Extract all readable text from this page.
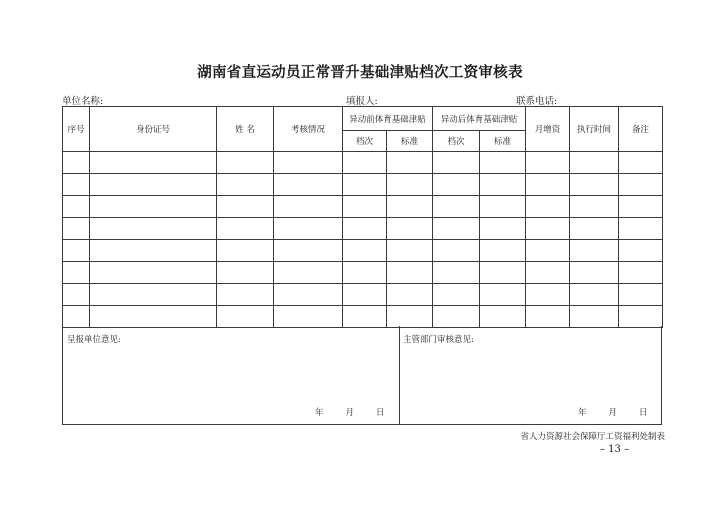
湖南省直运动员正常晋升基础津贴档次工资审核表
单位名称:	填报人:	联系电话:
序号	身份证号	姓 名	考核情况	异动前体育基础津贴		异动后体育基础津贴		月增资	执行时间	备注
				档次	标准	档次	标准			

呈报单位意见:	主管部门审核意见:
年	月	日	年	月	日
省人力资源社会保障厅工资福利处制表
– 13 –
